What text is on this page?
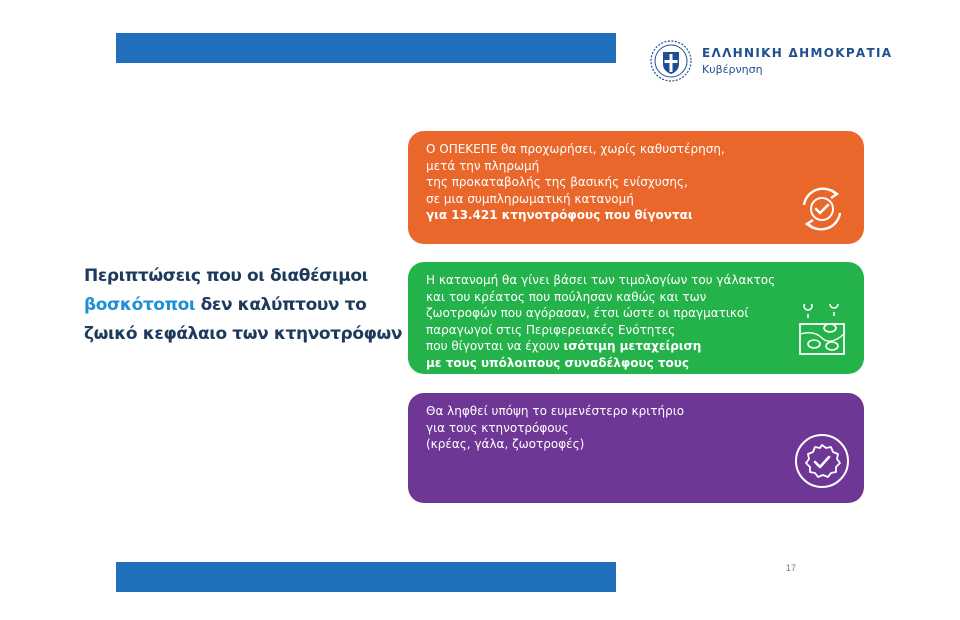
ΕΛΛΗΝΙΚΗ ΔΗΜΟΚΡΑΤΙΑ
Κυβέρνηση
Περιπτώσεις που οι διαθέσιμοι
βοσκότοποι δεν καλύπτουν το
ζωικό κεφάλαιο των κτηνοτρόφων
Ο ΟΠΕΚΕΠΕ θα προχωρήσει, χωρίς καθυστέρηση,
μετά την πληρωμή
της προκαταβολής της βασικής ενίσχυσης,
σε μια συμπληρωματική κατανομή
για 13.421 κτηνοτρόφους που θίγονται
Η κατανομή θα γίνει βάσει των τιμολογίων του γάλακτος
και του κρέατος που πούλησαν καθώς και των
ζωοτροφών που αγόρασαν, έτσι ώστε οι πραγματικοί
παραγωγοί στις Περιφερειακές Ενότητες
που θίγονται να έχουν ισότιμη μεταχείριση
με τους υπόλοιπους συναδέλφους τους
Θα ληφθεί υπόψη το ευμενέστερο κριτήριο
για τους κτηνοτρόφους
(κρέας, γάλα, ζωοτροφές)
17
